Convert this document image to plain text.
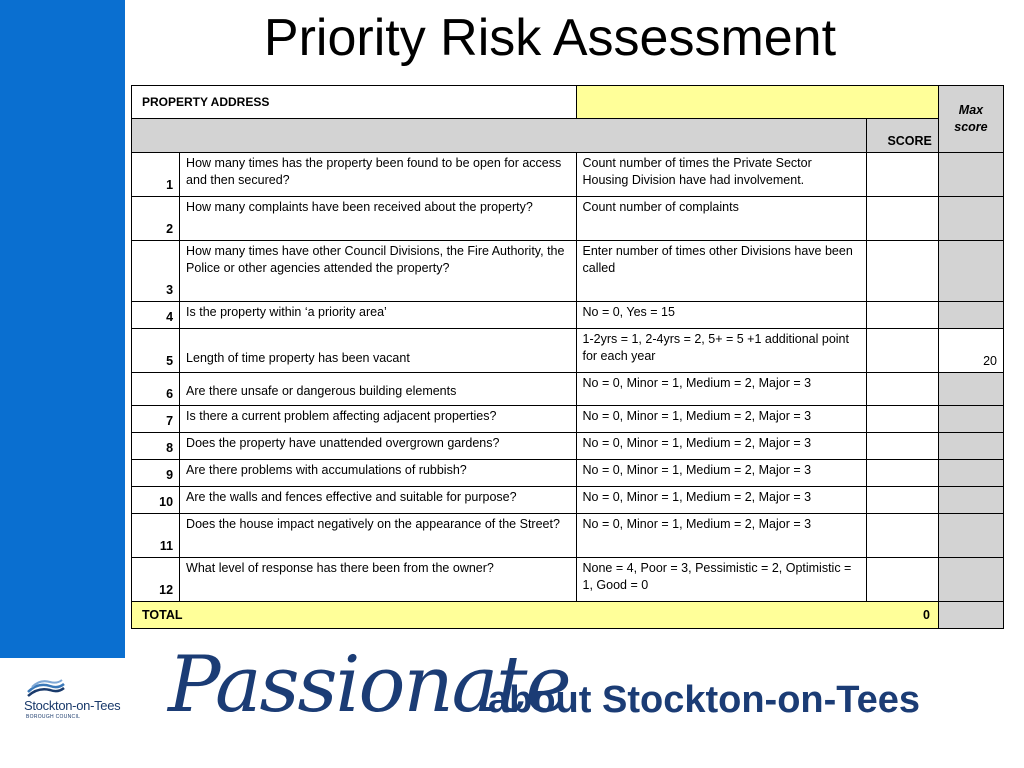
Priority Risk Assessment
PROPERTY ADDRESS				Max
score

			SCORE	
1	How many times has the property been found to be open for access and then secured?	Count number of times the Private Sector Housing Division have had involvement.		
2	How many complaints have been received about the property?	Count number of complaints		
3	How many times have other Council Divisions, the Fire Authority, the Police or other agencies attended the property?	Enter number of times other Divisions have been called		
4	Is the property within ‘a priority area’	No = 0, Yes = 15		
5	Length of time property has been vacant	1-2yrs = 1, 2-4yrs = 2, 5+ = 5 +1 additional point for each year		20
6	Are there unsafe or dangerous building elements	No = 0, Minor = 1, Medium = 2, Major = 3		
7	Is there a current problem affecting adjacent properties?	No = 0, Minor = 1, Medium = 2, Major = 3		
8	Does the property have unattended overgrown gardens?	No = 0, Minor = 1, Medium = 2, Major = 3		
9	Are there problems with accumulations of rubbish?	No = 0, Minor = 1, Medium = 2, Major = 3		
10	Are the walls and fences effective and suitable for purpose?	No = 0, Minor = 1, Medium = 2, Major = 3		
11	Does the house impact negatively on the appearance of the Street?	No = 0, Minor = 1, Medium = 2, Major = 3		
12	What level of response has there been from the owner?	None = 4, Poor = 3, Pessimistic = 2, Optimistic = 1, Good = 0		
TOTAL 0				

Stockton-on-Tees
BOROUGH COUNCIL Passionate
about Stockton-on-Tees
